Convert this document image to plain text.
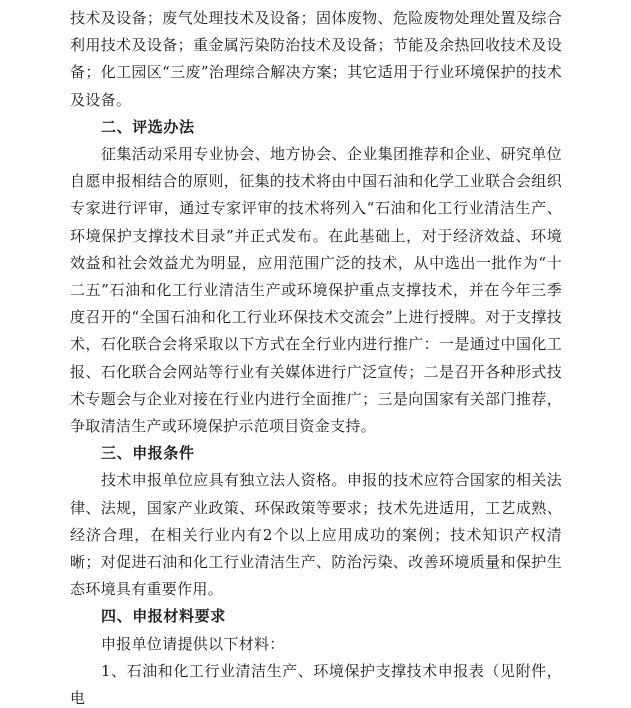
技术及设备；废气处理技术及设备；固体废物、危险废物处理处置及综合利用技术及设备；重金属污染防治技术及设备；节能及余热回收技术及设备；化工园区“三废”治理综合解决方案；其它适用于行业环境保护的技术及设备。

二、评选办法

征集活动采用专业协会、地方协会、企业集团推荐和企业、研究单位自愿申报相结合的原则，征集的技术将由中国石油和化学工业联合会组织专家进行评审，通过专家评审的技术将列入“石油和化工行业清洁生产、环境保护支撑技术目录”并正式发布。在此基础上，对于经济效益、环境效益和社会效益尤为明显，应用范围广泛的技术，从中选出一批作为“十二五”石油和化工行业清洁生产或环境保护重点支撑技术，并在今年三季度召开的“全国石油和化工行业环保技术交流会”上进行授牌。对于支撑技术，石化联合会将采取以下方式在全行业内进行推广：一是通过中国化工报、石化联合会网站等行业有关媒体进行广泛宣传；二是召开各种形式技术专题会与企业对接在行业内进行全面推广；三是向国家有关部门推荐，争取清洁生产或环境保护示范项目资金支持。

三、申报条件

技术申报单位应具有独立法人资格。申报的技术应符合国家的相关法律、法规，国家产业政策、环保政策等要求；技术先进适用，工艺成熟、经济合理，在相关行业内有2个以上应用成功的案例；技术知识产权清晰；对促进石油和化工行业清洁生产、防治污染、改善环境质量和保护生态环境具有重要作用。

四、申报材料要求

申报单位请提供以下材料：

1、石油和化工行业清洁生产、环境保护支撑技术申报表（见附件，电
